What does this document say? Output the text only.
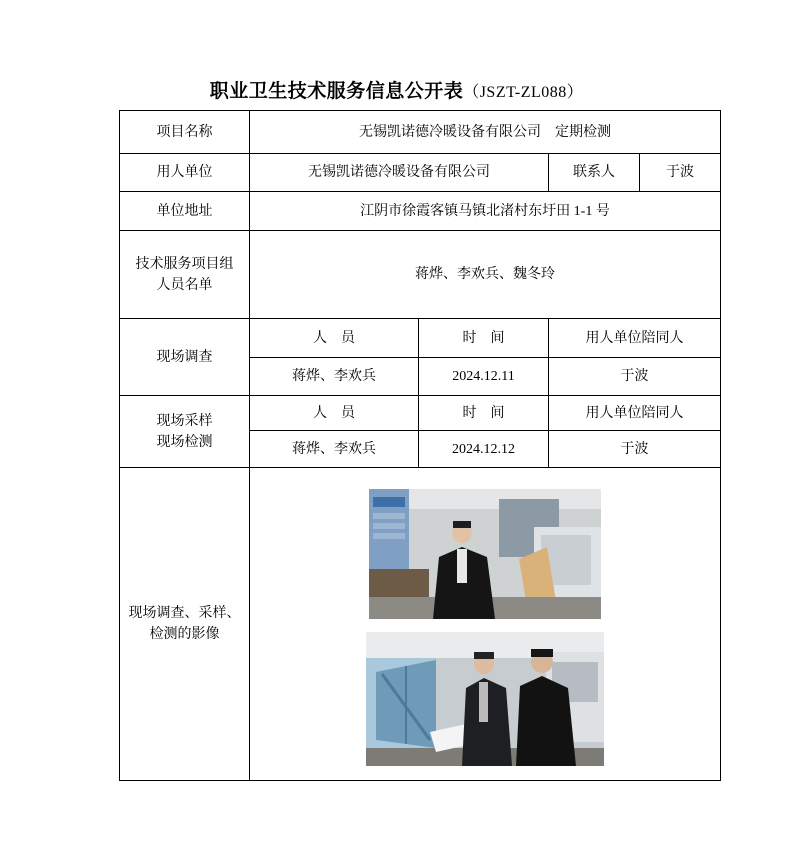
职业卫生技术服务信息公开表（JSZT-ZL088）
项目名称	无锡凯诺德冷暖设备有限公司　定期检测			
用人单位	无锡凯诺德冷暖设备有限公司		联系人	于波
单位地址	江阴市徐霞客镇马镇北渚村东圩田 1-1 号			

技术服务项目组
人员名单	蒋烨、李欢兵、魏冬玲			
现场调查	人　员	时　间	用人单位陪同人	
	蒋烨、李欢兵	2024.12.11	于波	

现场采样
现场检测	人　员	时　间	用人单位陪同人	
	蒋烨、李欢兵	2024.12.12	于波	

现场调查、采样、
检测的影像
